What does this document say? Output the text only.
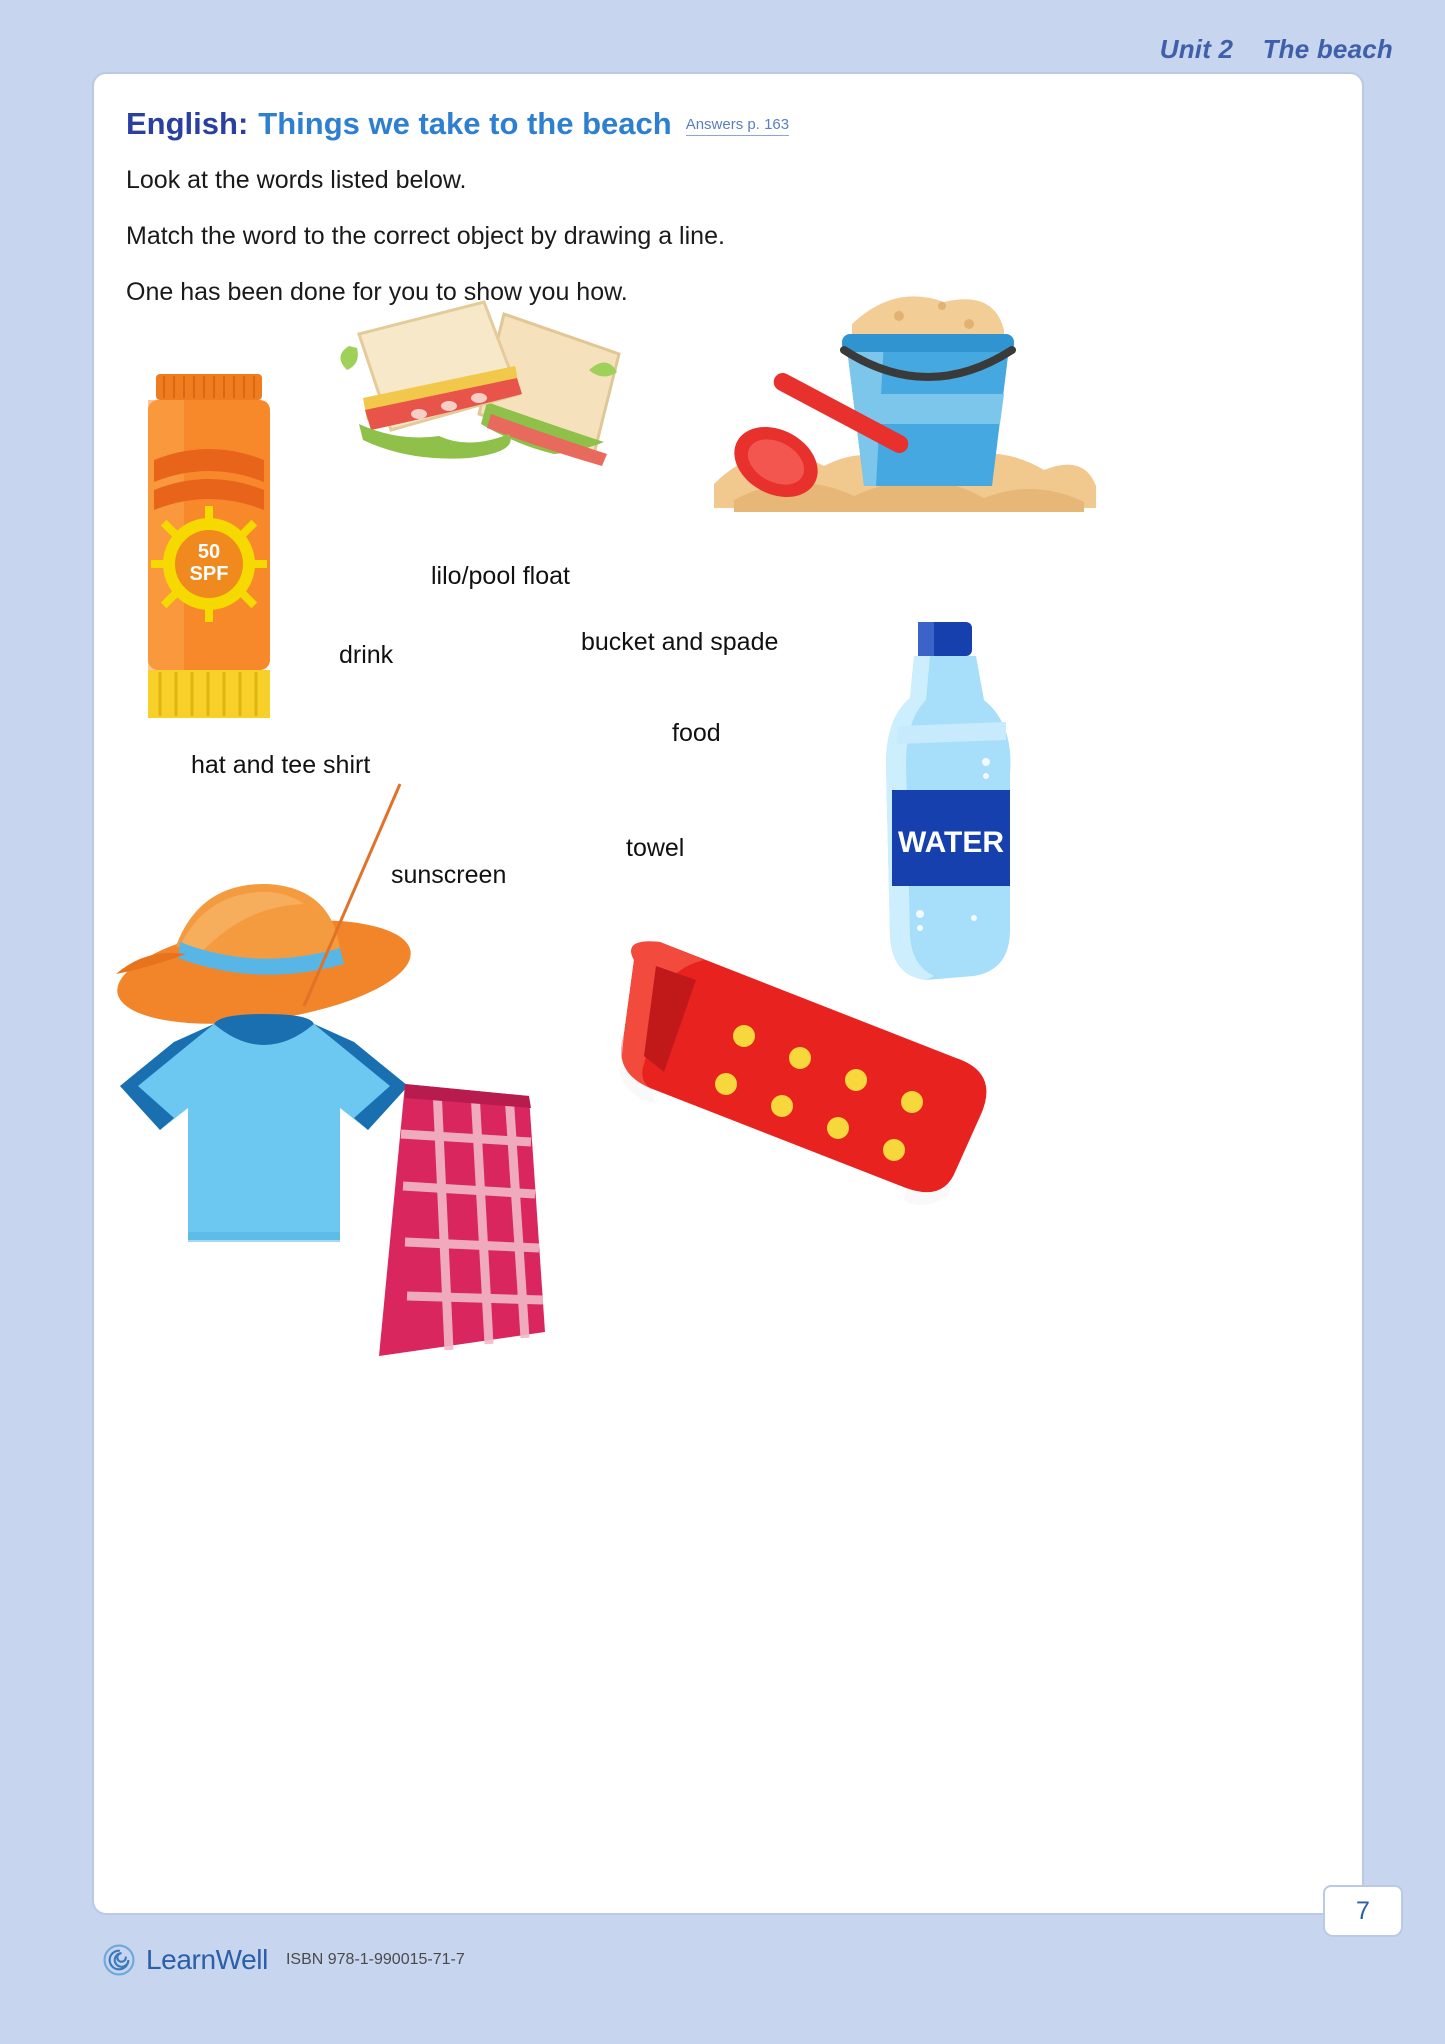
Unit 2 The beach
English: Things we take to the beach Answers p. 163

Look at the words listed below.

Match the word to the correct object by drawing a line.

One has been done for you to show you how.

50
SPF
WATER
lilo/pool float
bucket and spade
drink
food
hat and tee shirt
towel
sunscreen
LearnWell ISBN 978-1-990015-71-7
7
